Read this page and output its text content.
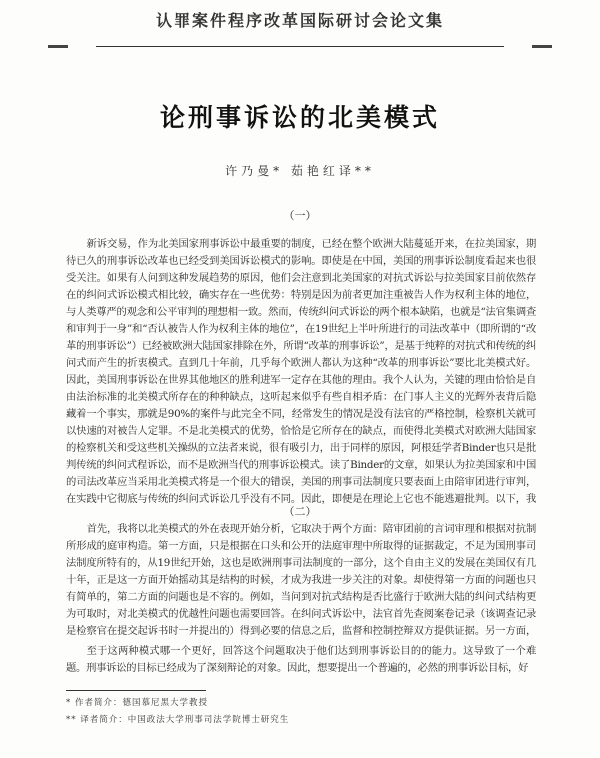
认罪案件程序改革国际研讨会论文集
论刑事诉讼的北美模式
许乃曼* 茹艳红译**
（一）
新诉交易，作为北美国家刑事诉讼中最重要的制度，已经在整个欧洲大陆蔓延开来，在拉美国家，期待已久的刑事诉讼改革也已经受到美国诉讼模式的影响。即使是在中国，美国的刑事诉讼制度看起来也很受关注。如果有人问到这种发展趋势的原因，他们会注意到北美国家的对抗式诉讼与拉美国家目前依然存在的纠问式诉讼模式相比较，确实存在一些优势：特别是因为前者更加注重被告人作为权利主体的地位，与人类尊严的观念和公平审判的理想相一致。然而，传统纠问式诉讼的两个根本缺陷，也就是“法官集调查和审判于一身”和“否认被告人作为权利主体的地位”，在19世纪上半叶所进行的司法改革中（即所谓的“改革的刑事诉讼”）已经被欧洲大陆国家排除在外，所谓“改革的刑事诉讼”，是基于纯粹的对抗式和传统的纠问式而产生的折衷模式。直到几十年前，几乎每个欧洲人都认为这种“改革的刑事诉讼”要比北美模式好。因此，美国刑事诉讼在世界其他地区的胜利进军一定存在其他的理由。我个人认为，关键的理由恰恰是自由法治标准的北美模式所存在的种种缺点，这听起来似乎有些自相矛盾：在门事人主义的光辉外表背后隐藏着一个事实，那就是90%的案件与此完全不同，经常发生的情况是没有法官的严格控制，检察机关就可以快速的对被告人定罪。不是北美模式的优势，恰恰是它所存在的缺点，而使得北美模式对欧洲大陆国家的检察机关和受这些机关操纵的立法者来说，很有吸引力，出于同样的原因，阿根廷学者Binder也只是批判传统的纠问式程诉讼，而不是欧洲当代的刑事诉讼模式。读了Binder的文章，如果认为拉美国家和中国的司法改革应当采用北美模式将是一个很大的错误，美国的刑事司法制度只要表面上由陪审团进行审判，在实践中它彻底与传统的纠问式诉讼几乎没有不同。因此，即便是在理论上它也不能逃避批判。以下，我
（二）
首先，我将以北美模式的外在表现开始分析，它取决于两个方面：陪审团前的言词审理和根据对抗制所形成的庭审构造。第一方面，只是根据在口头和公开的法庭审理中所取得的证据裁定，不足为国刑事司法制度所特有的，从19世纪开始，这也是欧洲刑事司法制度的一部分，这个自由主义的发展在美国仅有几十年，正是这一方面开始摇动其是结构的时候，才成为我进一步关注的对象。却使得第一方面的问题也只有简单的，第二方面的问题也是不容的。例如，当问到对抗式结构是否比盛行于欧洲大陆的纠问式结构更为可取时，对北美模式的优越性问题也需要回答。在纠问式诉讼中，法官首先查阅案卷记录（该调查记录是检察官在提交起诉书时一并提出的）得到必要的信息之后，监督和控制控辩双方提供证据。另一方面，
至于这两种模式哪一个更好，回答这个问题取决于他们达到刑事诉讼目的的能力。这导致了一个难题。刑事诉讼的目标已经成为了深刻辩论的对象。因此，想要提出一个普遍的，必然的刑事诉讼目标，好
* 作者简介：德国慕尼黑大学教授
** 译者简介：中国政法大学刑事司法学院博士研究生
